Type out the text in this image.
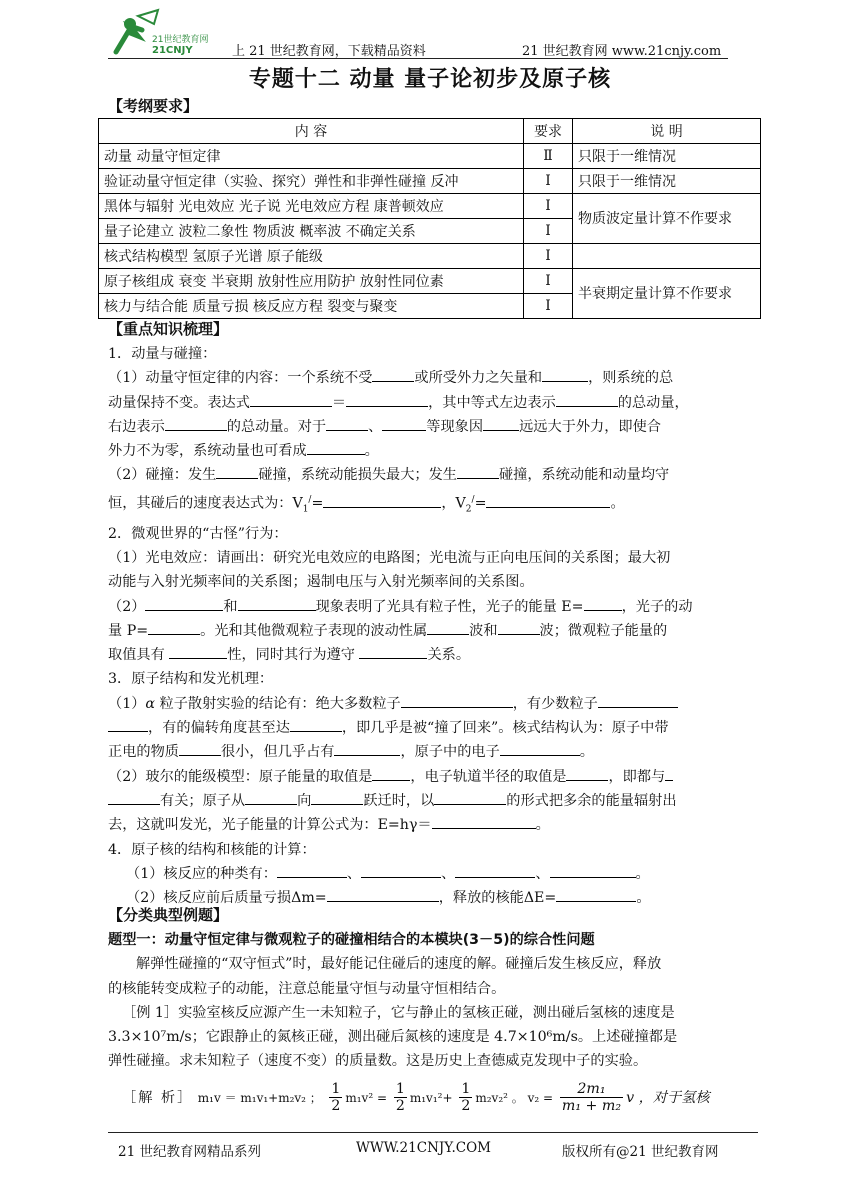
21世纪教育网
21CNJY	上 21 世纪教育网，下载精品资料	21 世纪教育网 www.21cnjy.com
专题十二 动量 量子论初步及原子核
【考纲要求】
内 容	要求	说 明
动量 动量守恒定律	Ⅱ	只限于一维情况
验证动量守恒定律（实验、探究）弹性和非弹性碰撞 反冲	Ⅰ	只限于一维情况
黑体与辐射 光电效应 光子说 光电效应方程 康普顿效应	Ⅰ	物质波定量计算不作要求
量子论建立 波粒二象性 物质波 概率波 不确定关系	Ⅰ	
核式结构模型 氢原子光谱 原子能级	Ⅰ	
原子核组成 衰变 半衰期 放射性应用防护 放射性同位素	Ⅰ	半衰期定量计算不作要求
核力与结合能 质量亏损 核反应方程 裂变与聚变	Ⅰ	
【重点知识梳理】

1．动量与碰撞：

（1）动量守恒定律的内容：一个系统不受	或所受外力之矢量和	，则系统的总

动量保持不变。表达式	＝	，其中等式左边表示	的总动量，

右边表示	的总动量。对于	、	等现象因	远远大于外力，即使合

外力不为零，系统动量也可看成	。

（2）碰撞：发生	碰撞，系统动能损失最大；发生	碰撞，系统动能和动量均守

恒，其碰后的速度表达式为：$V_1^/=$	，$V_2^/=$	。

2．微观世界的“古怪”行为：

（1）光电效应：请画出：研究光电效应的电路图；光电流与正向电压间的关系图；最大初

动能与入射光频率间的关系图；遏制电压与入射光频率间的关系图。

（2）	和	现象表明了光具有粒子性，光子的能量 E=	，光子的动

量 P=	。光和其他微观粒子表现的波动性属	波和	波；微观粒子能量的

取值具有	性，同时其行为遵守	关系。

3．原子结构和发光机理：

（1）α 粒子散射实验的结论有：绝大多数粒子	，有少数粒子

，有的偏转角度甚至达	，即几乎是被“撞了回来”。核式结构认为：原子中带

正电的物质	很小，但几乎占有	，原子中的电子	。

（2）玻尔的能级模型：原子能量的取值是	，电子轨道半径的取值是	，即都与

有关；原子从	向	跃迁时，以	的形式把多余的能量辐射出

去，这就叫发光，光子能量的计算公式为：E=hγ＝	。

4．原子核的结构和核能的计算：

（1）核反应的种类有：	、	、	、	。

（2）核反应前后质量亏损Δm=	，释放的核能ΔE=	。

【分类典型例题】

题型一：动量守恒定律与微观粒子的碰撞相结合的本模块(3－5)的综合性问题

解弹性碰撞的“双守恒式”时，最好能记住碰后的速度的解。碰撞后发生核反应，释放

的核能转变成粒子的动能，注意总能量守恒与动量守恒相结合。

［例 1］实验室核反应源产生一未知粒子，它与静止的氢核正碰，测出碰后氢核的速度是

3.3×10⁷m/s；它跟静止的氮核正碰，测出碰后氮核的速度是 4.7×10⁶m/s。上述碰撞都是

弹性碰撞。求未知粒子（速度不变）的质量数。这是历史上查德威克发现中子的实验。

［解 析］ m₁v ＝ m₁v₁+m₂v₂ ； $\frac{1}{2} m_1v^2 = \frac{1}{2} m_1v_1^2+ \frac{1}{2} m_2v_2^2$ 。 $v_2 = \frac{\text{2m₁}}{\text{m₁ + m₂}}$ v ，对于氢核

21 世纪教育网精品系列	WWW.21CNJY.COM	版权所有@21 世纪教育网
